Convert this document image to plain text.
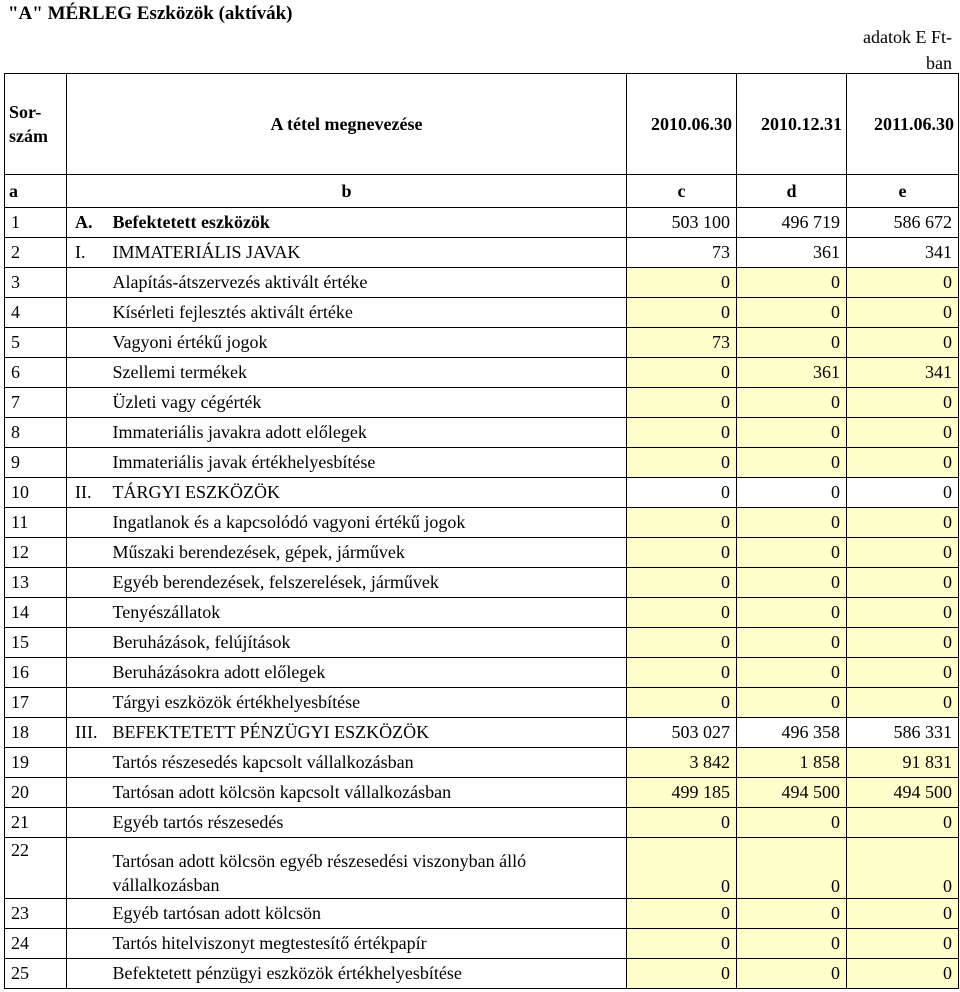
"A" MÉRLEG Eszközök (aktívák)
adatok E Ft-ban
Sor-szám	A tétel megnevezése		2010.06.30	2010.12.31	2011.06.30
a	b		c	d	e
1	A.	Befektetett eszközök	503 100	496 719	586 672
2	I.	IMMATERIÁLIS JAVAK	73	361	341
3		Alapítás-átszervezés aktivált értéke	0	0	0
4		Kísérleti fejlesztés aktivált értéke	0	0	0
5		Vagyoni értékű jogok	73	0	0
6		Szellemi termékek	0	361	341
7		Üzleti vagy cégérték	0	0	0
8		Immateriális javakra adott előlegek	0	0	0
9		Immateriális javak értékhelyesbítése	0	0	0
10	II.	TÁRGYI ESZKÖZÖK	0	0	0
11		Ingatlanok és a kapcsolódó vagyoni értékű jogok	0	0	0
12		Műszaki berendezések, gépek, járművek	0	0	0
13		Egyéb berendezések, felszerelések, járművek	0	0	0
14		Tenyészállatok	0	0	0
15		Beruházások, felújítások	0	0	0
16		Beruházásokra adott előlegek	0	0	0
17		Tárgyi eszközök értékhelyesbítése	0	0	0
18	III.	BEFEKTETETT PÉNZÜGYI ESZKÖZÖK	503 027	496 358	586 331
19		Tartós részesedés kapcsolt vállalkozásban	3 842	1 858	91 831
20		Tartósan adott kölcsön kapcsolt vállalkozásban	499 185	494 500	494 500
21		Egyéb tartós részesedés	0	0	0
22		Tartósan adott kölcsön egyéb részesedési viszonyban álló vállalkozásban	0	0	0
23		Egyéb tartósan adott kölcsön	0	0	0
24		Tartós hitelviszonyt megtestesítő értékpapír	0	0	0
25		Befektetett pénzügyi eszközök értékhelyesbítése	0	0	0
